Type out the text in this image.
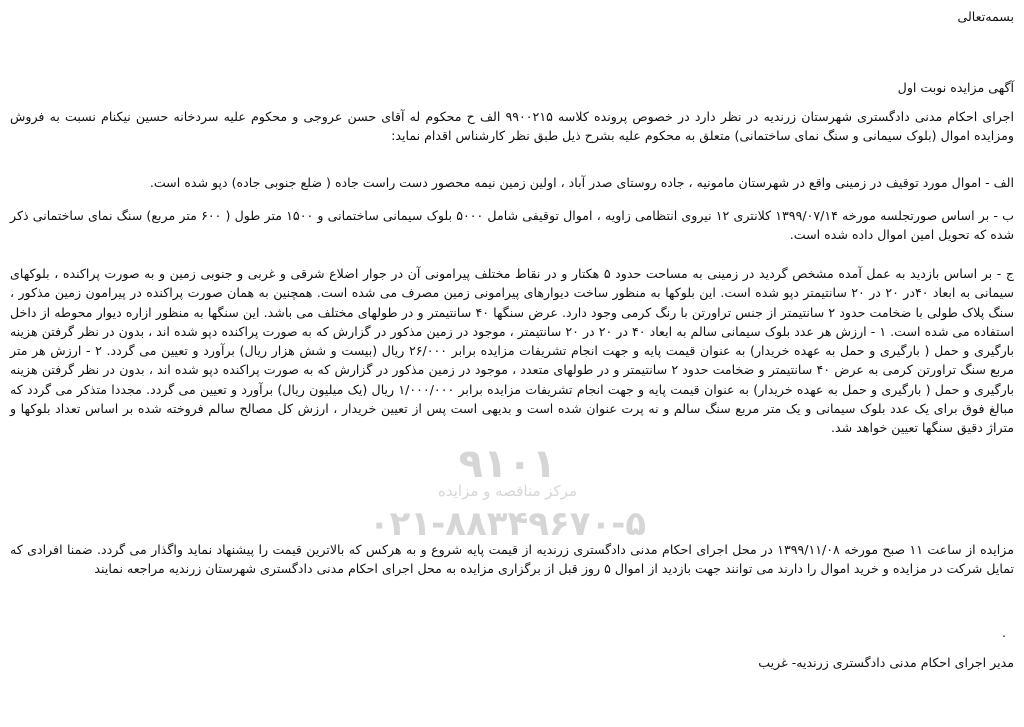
بسمه‌تعالی
آگهی مزایده نوبت اول
اجرای احکام مدنی دادگستری شهرستان زرندیه در نظر دارد در خصوص پرونده کلاسه ۹۹۰۰۲۱۵ الف ح محکوم له آقای حسن عروجی و محکوم علیه سردخانه حسین نیکنام نسبت به فروش ومزایده اموال (بلوک سیمانی و سنگ نمای ساختمانی) متعلق به محکوم علیه بشرح ذیل طبق نظر کارشناس اقدام نماید:
الف - اموال مورد توقیف در زمینی واقع در شهرستان مامونیه ، جاده روستای صدر آباد ، اولین زمین نیمه محصور دست راست جاده ( ضلع جنوبی جاده) دپو شده است.
ب - بر اساس صورتجلسه مورخه ۱۳۹۹/۰۷/۱۴ کلانتری ۱۲ نیروی انتظامی زاویه ، اموال توقیفی شامل ۵۰۰۰ بلوک سیمانی ساختمانی و ۱۵۰۰ متر طول ( ۶۰۰ متر مربع) سنگ نمای ساختمانی ذکر شده که تحویل امین اموال داده شده است.
ج - بر اساس بازدید به عمل آمده مشخص گردید در زمینی به مساحت حدود ۵ هکتار و در نقاط مختلف پیرامونی آن در جوار اضلاع شرقی و غربی و جنوبی زمین و به صورت پراکنده ، بلوکهای سیمانی به ابعاد ۴۰در ۲۰ در ۲۰ سانتیمتر دپو شده است. این بلوکها به منظور ساخت دیوارهای پیرامونی زمین مصرف می شده است. همچنین به همان صورت پراکنده در پیرامون زمین مذکور ، سنگ پلاک طولی با ضخامت حدود ۲ سانتیمتر از جنس تراورتن با رنگ کرمی وجود دارد. عرض سنگها ۴۰ سانتیمتر و در طولهای مختلف می باشد. این سنگها به منظور ازاره دیوار محوطه از داخل استفاده می شده است. ۱ - ارزش هر عدد بلوک سیمانی سالم به ابعاد ۴۰ در ۲۰ در ۲۰ سانتیمتر ، موجود در زمین مذکور در گزارش که به صورت پراکنده دپو شده اند ، بدون در نظر گرفتن هزینه بارگیری و حمل ( بارگیری و حمل به عهده خریدار) به عنوان قیمت پایه و جهت انجام تشریفات مزایده برابر ۲۶/۰۰۰ ریال (بیست و شش هزار ریال) برآورد و تعیین می گردد. ۲ - ارزش هر متر مربع سنگ تراورتن کرمی به عرض ۴۰ سانتیمتر و ضخامت حدود ۲ سانتیمتر و در طولهای متعدد ، موجود در زمین مذکور در گزارش که به صورت پراکنده دپو شده اند ، بدون در نظر گرفتن هزینه بارگیری و حمل ( بارگیری و حمل به عهده خریدار) به عنوان قیمت پایه و جهت انجام تشریفات مزایده برابر ۱/۰۰۰/۰۰۰ ریال (یک میلیون ریال) برآورد و تعیین می گردد. مجددا متذکر می گردد که مبالغ فوق برای یک عدد بلوک سیمانی و یک متر مربع سنگ سالم و نه پرت عنوان شده است و بدیهی است پس از تعیین خریدار ، ارزش کل مصالح سالم فروخته شده بر اساس تعداد بلوکها و متراژ دقیق سنگها تعیین خواهد شد.
مزایده از ساعت ۱۱ صبح مورخه ۱۳۹۹/۱۱/۰۸ در محل اجرای احکام مدنی دادگستری زرندیه از قیمت پایه شروع و به هرکس که بالاترین قیمت را پیشنهاد نماید واگذار می گردد. ضمنا افرادی که تمایل شرکت در مزایده و خرید اموال را دارند می توانند جهت بازدید از اموال ۵ روز قبل از برگزاری مزایده به محل اجرای احکام مدنی دادگستری شهرستان زرندیه مراجعه نمایند
.
مدیر اجرای احکام مدنی دادگستری زرندیه- غریب
۹۱۰۱
مرکز مناقصه و مزایده
۰۲۱-۸۸۳۴۹۶۷۰-۵
